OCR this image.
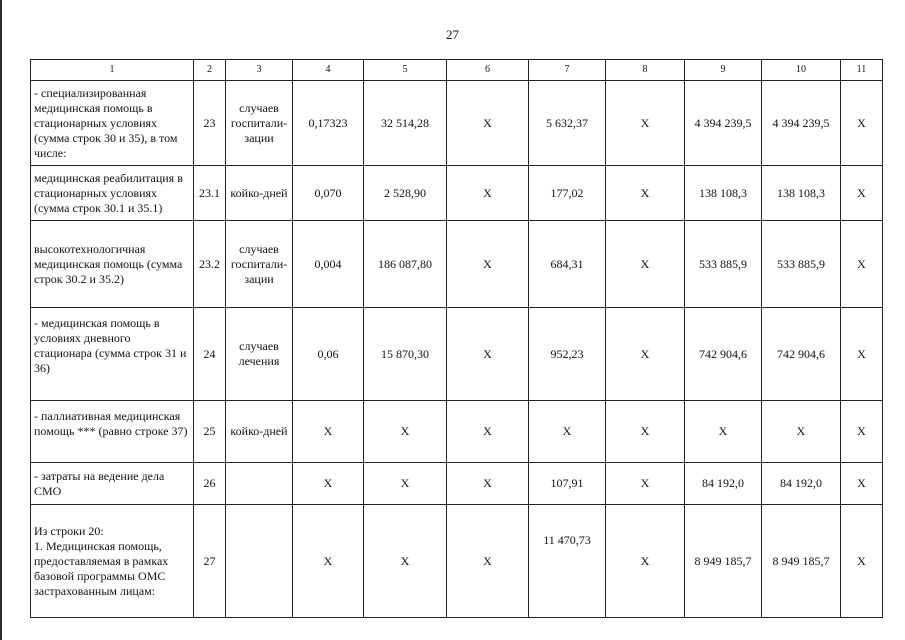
27
1	2	3	4	5	6	7	8	9	10	11
- специализированная медицинская помощь в стационарных условиях (сумма строк 30 и 35), в том числе:	23	случаев госпитали-зации	0,17323	32 514,28	Х	5 632,37	Х	4 394 239,5	4 394 239,5	Х
медицинская реабилитация в стационарных условиях (сумма строк 30.1 и 35.1)	23.1	койко-дней	0,070	2 528,90	Х	177,02	Х	138 108,3	138 108,3	Х
высокотехнологичная медицинская помощь (сумма строк 30.2 и 35.2)	23.2	случаев госпитали-зации	0,004	186 087,80	Х	684,31	Х	533 885,9	533 885,9	Х
- медицинская помощь в условиях дневного стационара (сумма строк 31 и 36)	24	случаев лечения	0,06	15 870,30	Х	952,23	Х	742 904,6	742 904,6	Х
- паллиативная медицинская помощь *** (равно строке 37)	25	койко-дней	Х	Х	Х	Х	Х	Х	Х	Х
- затраты на ведение дела СМО	26		Х	Х	Х	107,91	Х	84 192,0	84 192,0	Х
Из строки 20:
1. Медицинская помощь, предоставляемая в рамках базовой программы ОМС застрахованным лицам:	27		Х	Х	Х	11 470,73	Х	8 949 185,7	8 949 185,7	Х
